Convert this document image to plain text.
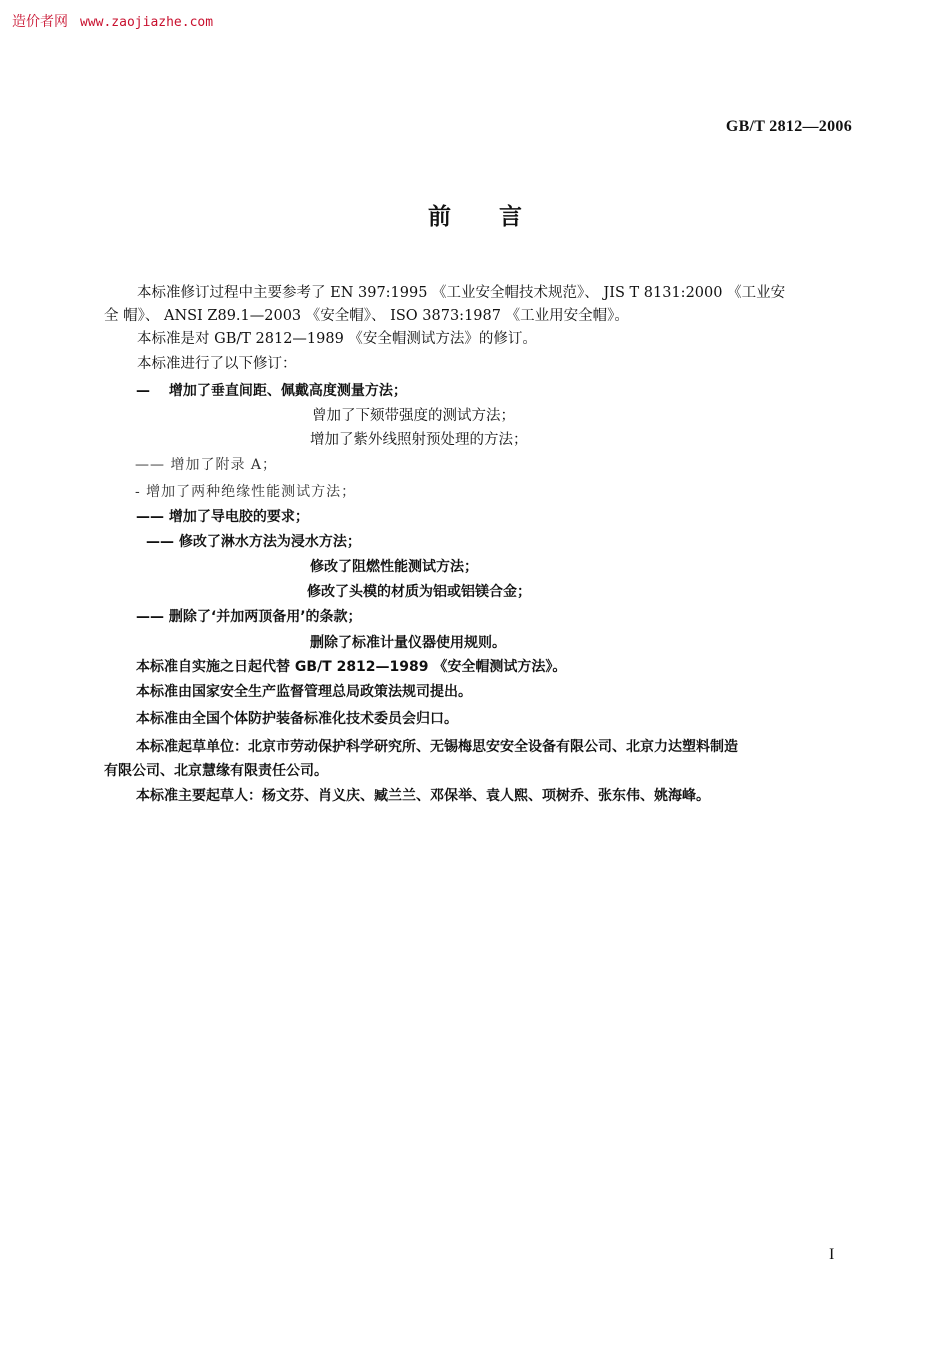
造价者网 www.zaojiazhe.com
GB/T 2812—2006
前言
本标准修订过程中主要参考了 EN 397:1995 《工业安全帽技术规范》、 JIS T 8131:2000 《工业安
全 帽》、 ANSI Z89.1—2003 《安全帽》、 ISO 3873:1987 《工业用安全帽》。
本标准是对 GB/T 2812—1989 《安全帽测试方法》的修订。
本标准进行了以下修订：
—　 增加了垂直间距、佩戴高度测量方法；
曾加了下颏带强度的测试方法；
增加了紫外线照射预处理的方法；
—— 增加了附录 A；
- 增加了两种绝缘性能测试方法；
—— 增加了导电胶的要求；
—— 修改了淋水方法为浸水方法；
修改了阻燃性能测试方法；
修改了头模的材质为铝或铝镁合金；
—— 删除了‘并加两顶备用’的条款；
删除了标准计量仪器使用规则。
本标准自实施之日起代替 GB/T 2812—1989 《安全帽测试方法》。
本标准由国家安全生产监督管理总局政策法规司提出。
本标准由全国个体防护装备标准化技术委员会归口。
本标准起草单位：北京市劳动保护科学研究所、无锡梅思安安全设备有限公司、北京力达塑料制造
有限公司、北京慧缘有限责任公司。
本标准主要起草人：杨文芬、肖义庆、臧兰兰、邓保举、袁人熙、项树乔、张东伟、姚海峰。
I
